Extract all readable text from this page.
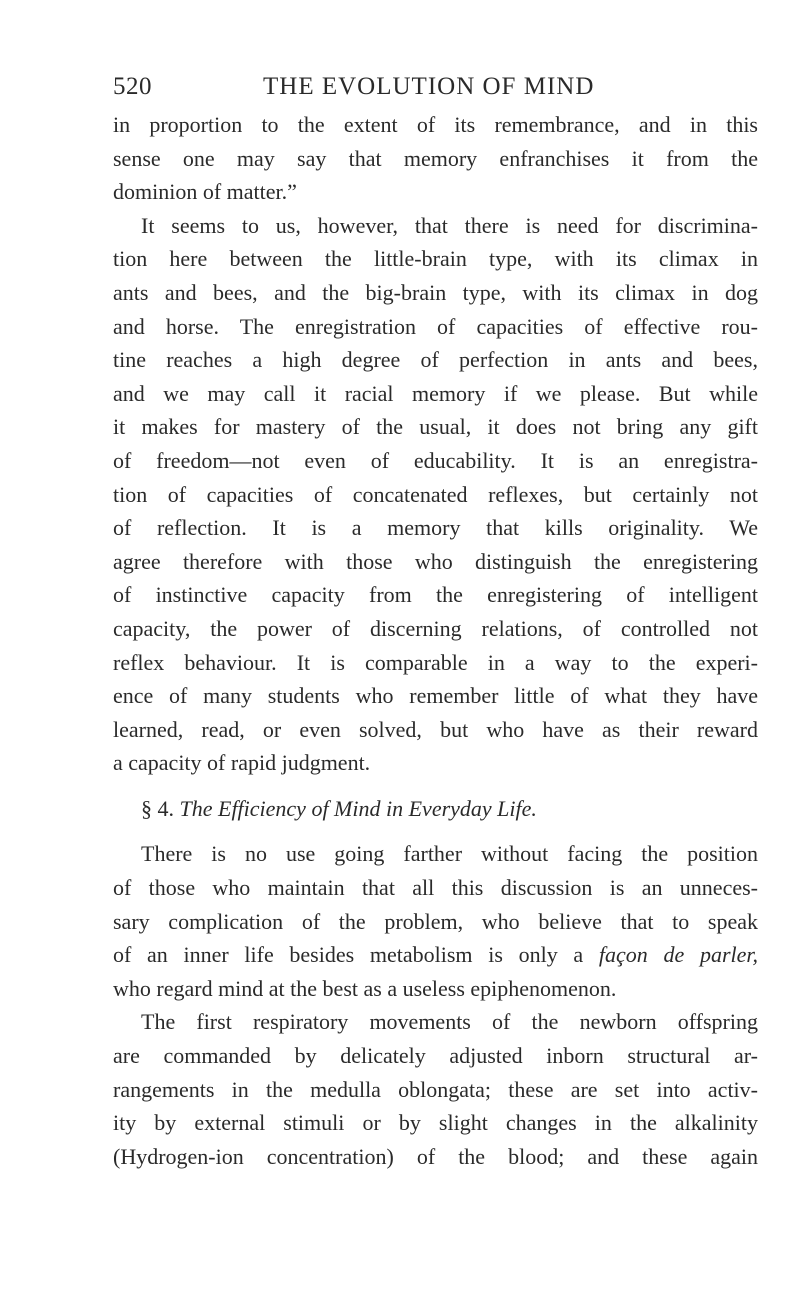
520	THE EVOLUTION OF MIND
in proportion to the extent of its remembrance, and in this
sense one may say that memory enfranchises it from the
dominion of matter.”
It seems to us, however, that there is need for discrimina-
tion here between the little-brain type, with its climax in
ants and bees, and the big-brain type, with its climax in dog
and horse. The enregistration of capacities of effective rou-
tine reaches a high degree of perfection in ants and bees,
and we may call it racial memory if we please. But while
it makes for mastery of the usual, it does not bring any gift
of freedom—not even of educability. It is an enregistra-
tion of capacities of concatenated reflexes, but certainly not
of reflection. It is a memory that kills originality. We
agree therefore with those who distinguish the enregistering
of instinctive capacity from the enregistering of intelligent
capacity, the power of discerning relations, of controlled not
reflex behaviour. It is comparable in a way to the experi-
ence of many students who remember little of what they have
learned, read, or even solved, but who have as their reward
a capacity of rapid judgment.
§ 4. The Efficiency of Mind in Everyday Life.
There is no use going farther without facing the position
of those who maintain that all this discussion is an unneces-
sary complication of the problem, who believe that to speak
of an inner life besides metabolism is only a façon de parler,
who regard mind at the best as a useless epiphenomenon.
The first respiratory movements of the newborn offspring
are commanded by delicately adjusted inborn structural ar-
rangements in the medulla oblongata; these are set into activ-
ity by external stimuli or by slight changes in the alkalinity
(Hydrogen-ion concentration) of the blood; and these again
